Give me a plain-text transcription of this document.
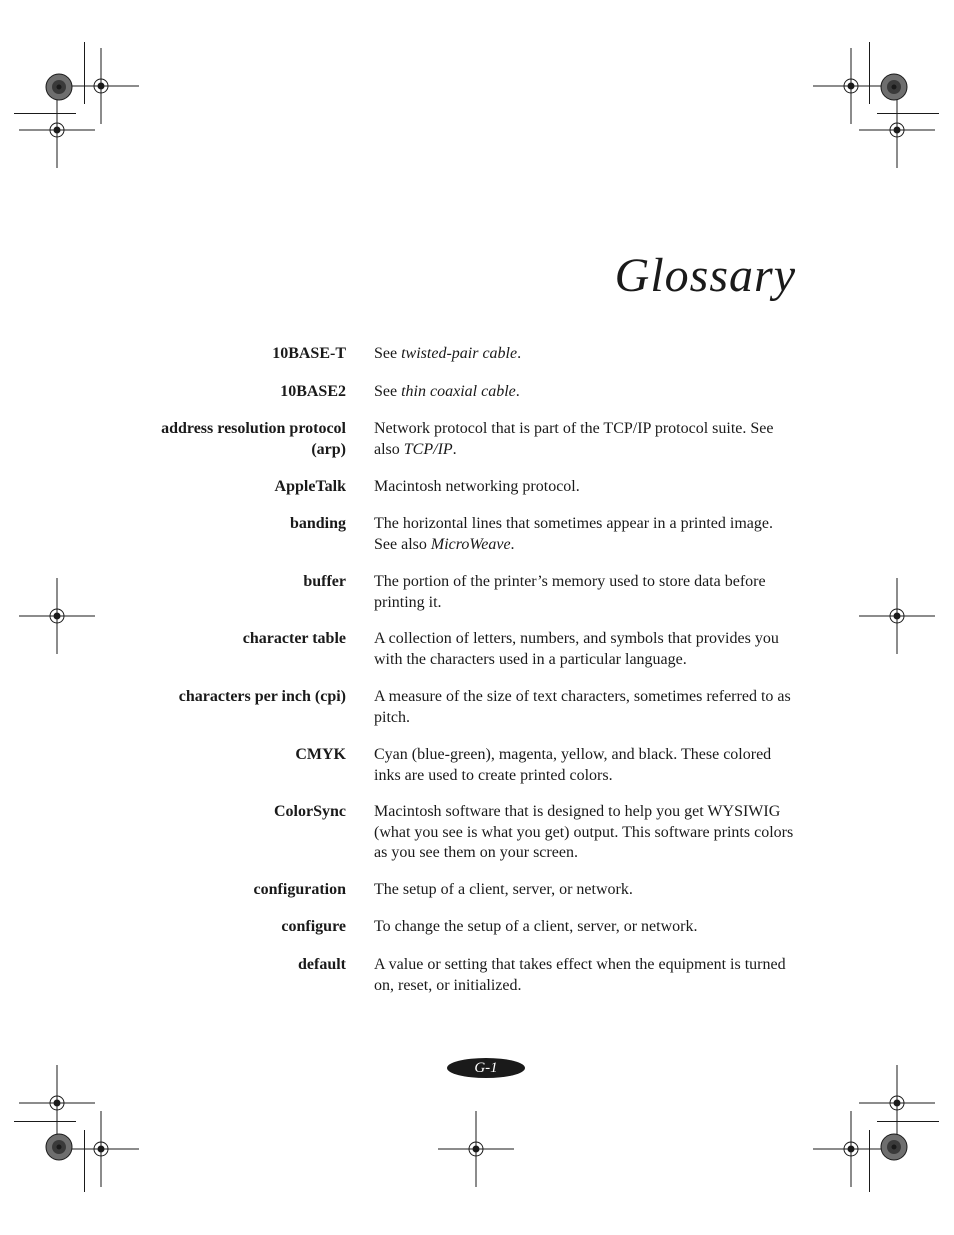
Glossary
10BASE-T See twisted-pair cable.
10BASE2 See thin coaxial cable.
address resolution protocol (arp)
Network protocol that is part of the TCP/IP protocol suite. See also TCP/IP.
AppleTalk Macintosh networking protocol.
banding The horizontal lines that sometimes appear in a printed image. See also MicroWeave.
buffer The portion of the printer’s memory used to store data before printing it.
character table A collection of letters, numbers, and symbols that provides you with the characters used in a particular language.
characters per inch (cpi) A measure of the size of text characters, sometimes referred to as pitch.
CMYK Cyan (blue-green), magenta, yellow, and black. These colored inks are used to create printed colors.
ColorSync Macintosh software that is designed to help you get WYSIWIG (what you see is what you get) output. This software prints colors as you see them on your screen.
configuration The setup of a client, server, or network.
configure To change the setup of a client, server, or network.
default A value or setting that takes effect when the equipment is turned on, reset, or initialized.
G-1
